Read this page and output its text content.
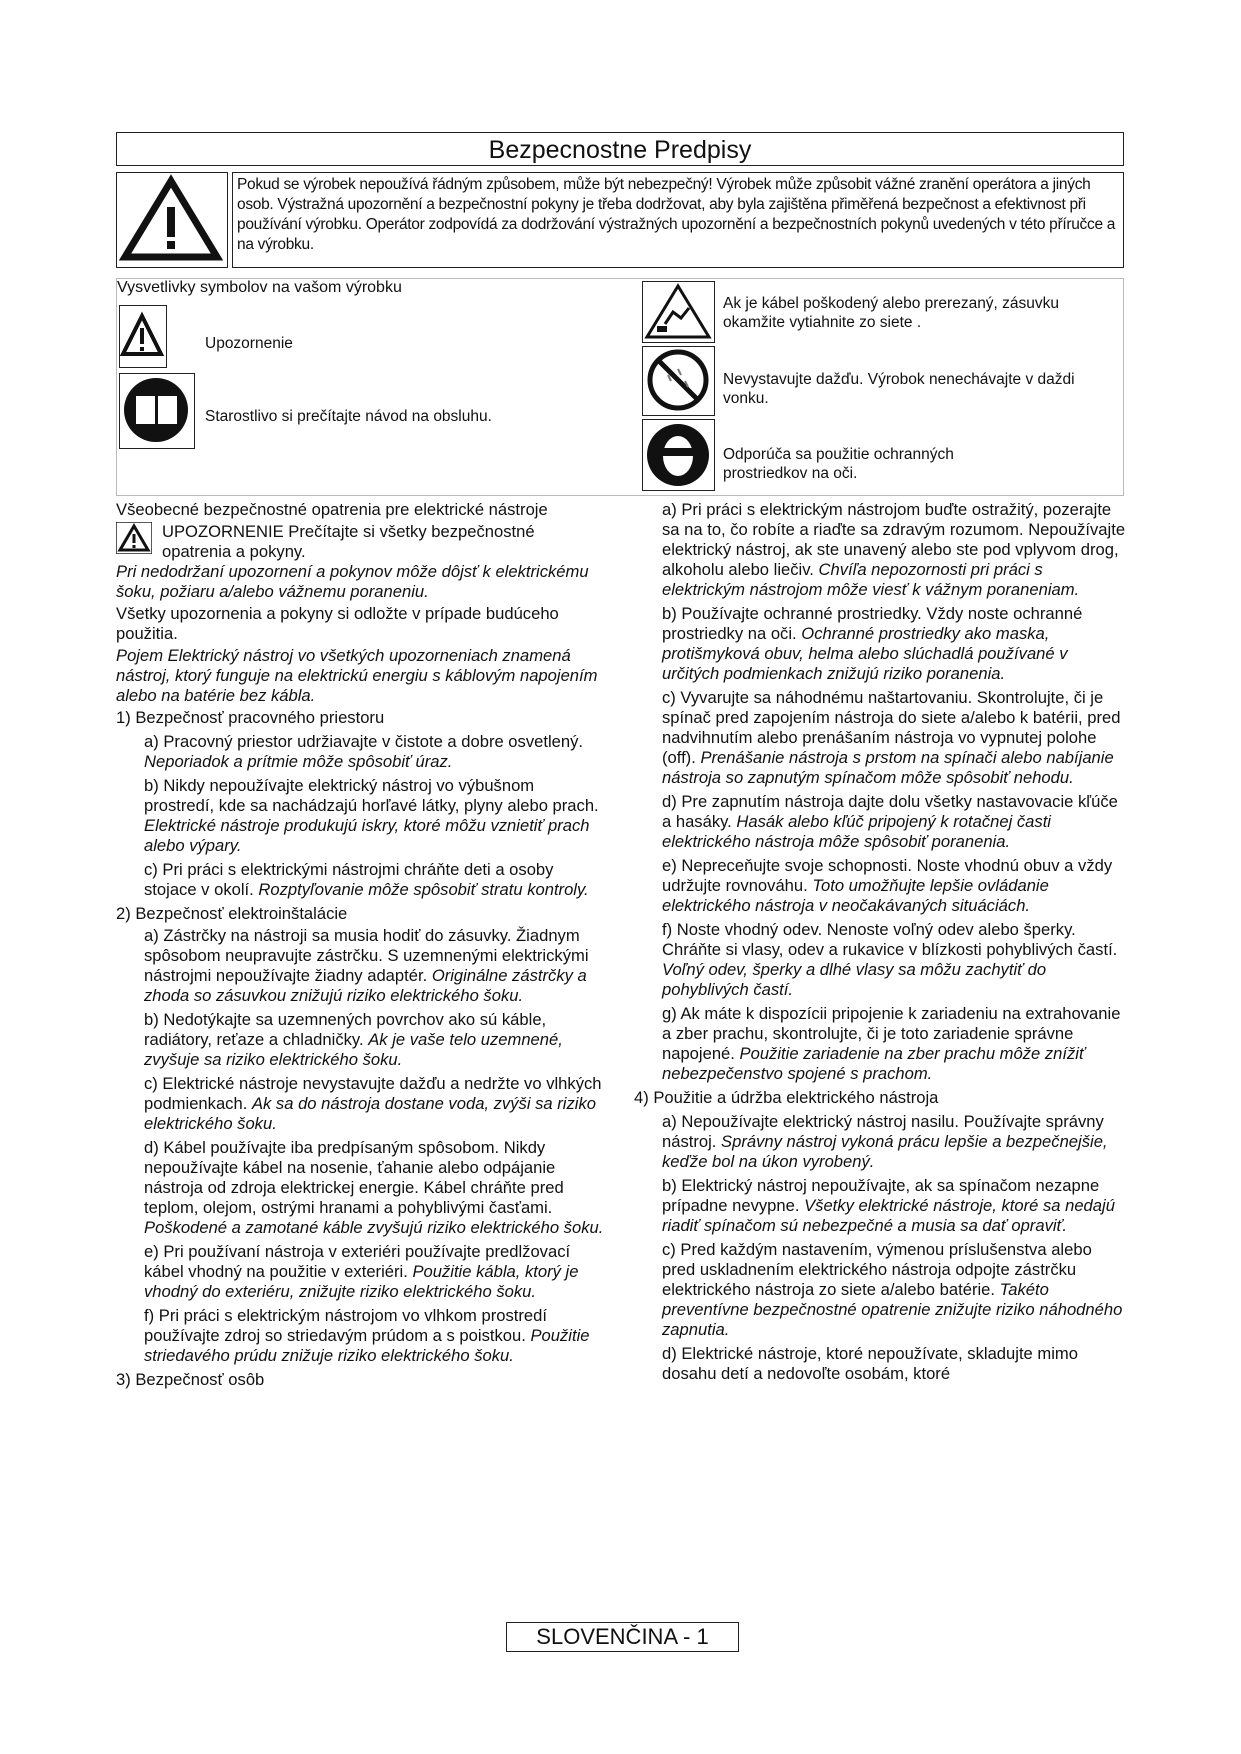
Bezpecnostne Predpisy
Pokud se výrobek nepoužívá řádným způsobem, může být nebezpečný! Výrobek může způsobit vážné zranění operátora a jiných osob. Výstražná upozornění a bezpečnostní pokyny je třeba dodržovat, aby byla zajištěna přiměřená bezpečnost a efektivnost při používání výrobku. Operátor zodpovídá za dodržování výstražných upozornění a bezpečnostních pokynů uvedených v této příručce a na výrobku.
Vysvetlivky symbolov na vašom výrobku
Upozornenie
Starostlivo si prečítajte návod na obsluhu.
Ak je kábel poškodený alebo prerezaný, zásuvku okamžite vytiahnite zo siete .
Nevystavujte dažďu. Výrobok nenechávajte v daždi vonku.
Odporúča sa použitie ochranných prostriedkov na oči.

Všeobecné bezpečnostné opatrenia pre elektrické nástroje

UPOZORNENIE Prečítajte si všetky bezpečnostné opatrenia a pokyny.

Pri nedodržaní upozornení a pokynov môže dôjsť k elektrickému šoku, požiaru a/alebo vážnemu poraneniu.

Všetky upozornenia a pokyny si odložte v prípade budúceho použitia.

Pojem Elektrický nástroj vo všetkých upozorneniach znamená nástroj, ktorý funguje na elektrickú energiu s káblovým napojením alebo na batérie bez kábla.

1) Bezpečnosť pracovného priestoru

a) Pracovný priestor udržiavajte v čistote a dobre osvetlený. Neporiadok a prítmie môže spôsobiť úraz.

b) Nikdy nepoužívajte elektrický nástroj vo výbušnom prostredí, kde sa nachádzajú horľavé látky, plyny alebo prach. Elektrické nástroje produkujú iskry, ktoré môžu vznietiť prach alebo výpary.

c) Pri práci s elektrickými nástrojmi chráňte deti a osoby stojace v okolí. Rozptyľovanie môže spôsobiť stratu kontroly.

2) Bezpečnosť elektroinštalácie

a) Zástrčky na nástroji sa musia hodiť do zásuvky. Žiadnym spôsobom neupravujte zástrčku. S uzemnenými elektrickými nástrojmi nepoužívajte žiadny adaptér. Originálne zástrčky a zhoda so zásuvkou znižujú riziko elektrického šoku.

b) Nedotýkajte sa uzemnených povrchov ako sú káble, radiátory, reťaze a chladničky. Ak je vaše telo uzemnené, zvyšuje sa riziko elektrického šoku.

c) Elektrické nástroje nevystavujte dažďu a nedržte vo vlhkých podmienkach. Ak sa do nástroja dostane voda, zvýši sa riziko elektrického šoku.

d) Kábel používajte iba predpísaným spôsobom. Nikdy nepoužívajte kábel na nosenie, ťahanie alebo odpájanie nástroja od zdroja elektrickej energie. Kábel chráňte pred teplom, olejom, ostrými hranami a pohyblivými časťami. Poškodené a zamotané káble zvyšujú riziko elektrického šoku.

e) Pri používaní nástroja v exteriéri používajte predlžovací kábel vhodný na použitie v exteriéri. Použitie kábla, ktorý je vhodný do exteriéru, znižujte riziko elektrického šoku.

f) Pri práci s elektrickým nástrojom vo vlhkom prostredí používajte zdroj so striedavým prúdom a s poistkou. Použitie striedavého prúdu znižuje riziko elektrického šoku.

3) Bezpečnosť osôb

a) Pri práci s elektrickým nástrojom buďte ostražitý, pozerajte sa na to, čo robíte a riaďte sa zdravým rozumom. Nepoužívajte elektrický nástroj, ak ste unavený alebo ste pod vplyvom drog, alkoholu alebo liečiv. Chvíľa nepozornosti pri práci s elektrickým nástrojom môže viesť k vážnym poraneniam.

b) Používajte ochranné prostriedky. Vždy noste ochranné prostriedky na oči. Ochranné prostriedky ako maska, protišmyková obuv, helma alebo slúchadlá používané v určitých podmienkach znižujú riziko poranenia.

c) Vyvarujte sa náhodnému naštartovaniu. Skontrolujte, či je spínač pred zapojením nástroja do siete a/alebo k batérii, pred nadvihnutím alebo prenášaním nástroja vo vypnutej polohe (off). Prenášanie nástroja s prstom na spínači alebo nabíjanie nástroja so zapnutým spínačom môže spôsobiť nehodu.

d) Pre zapnutím nástroja dajte dolu všetky nastavovacie kľúče a hasáky. Hasák alebo kľúč pripojený k rotačnej časti elektrického nástroja môže spôsobiť poranenia.

e) Nepreceňujte svoje schopnosti. Noste vhodnú obuv a vždy udržujte rovnováhu. Toto umožňujte lepšie ovládanie elektrického nástroja v neočakávaných situáciách.

f) Noste vhodný odev. Nenoste voľný odev alebo šperky. Chráňte si vlasy, odev a rukavice v blízkosti pohyblivých častí. Voľný odev, šperky a dlhé vlasy sa môžu zachytiť do pohyblivých častí.

g) Ak máte k dispozícii pripojenie k zariadeniu na extrahovanie a zber prachu, skontrolujte, či je toto zariadenie správne napojené. Použitie zariadenie na zber prachu môže znížiť nebezpečenstvo spojené s prachom.

4) Použitie a údržba elektrického nástroja

a) Nepoužívajte elektrický nástroj nasilu. Používajte správny nástroj. Správny nástroj vykoná prácu lepšie a bezpečnejšie, keďže bol na úkon vyrobený.

b) Elektrický nástroj nepoužívajte, ak sa spínačom nezapne prípadne nevypne. Všetky elektrické nástroje, ktoré sa nedajú riadiť spínačom sú nebezpečné a musia sa dať opraviť.

c) Pred každým nastavením, výmenou príslušenstva alebo pred uskladnením elektrického nástroja odpojte zástrčku elektrického nástroja zo siete a/alebo batérie. Takéto preventívne bezpečnostné opatrenie znižujte riziko náhodného zapnutia.

d) Elektrické nástroje, ktoré nepoužívate, skladujte mimo dosahu detí a nedovoľte osobám, ktoré

SLOVENČINA - 1
